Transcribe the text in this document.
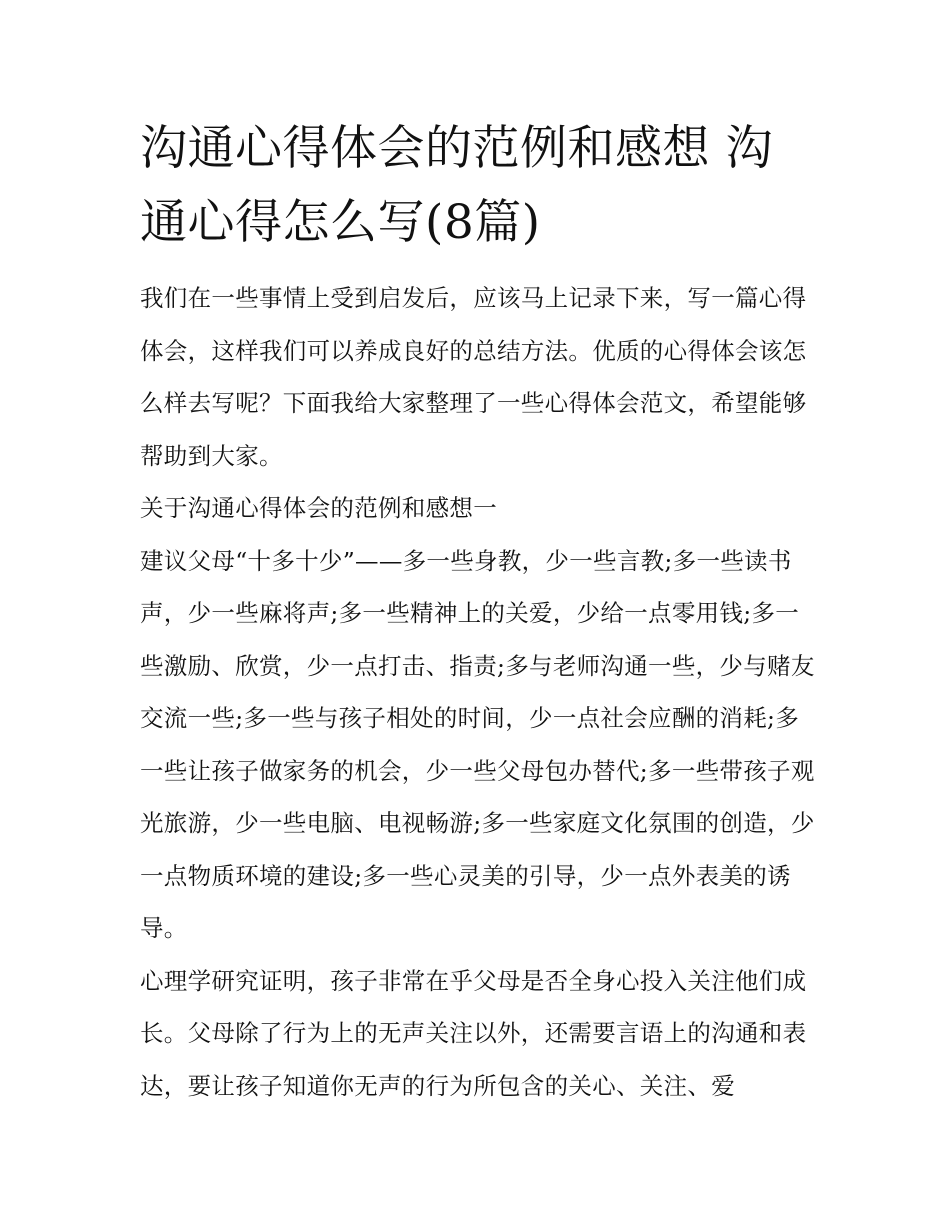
沟通心得体会的范例和感想 沟通心得怎么写(8篇)

我们在一些事情上受到启发后，应该马上记录下来，写一篇心得体会，这样我们可以养成良好的总结方法。优质的心得体会该怎么样去写呢？下面我给大家整理了一些心得体会范文，希望能够帮助到大家。

关于沟通心得体会的范例和感想一

建议父母“十多十少”——多一些身教，少一些言教;多一些读书声，少一些麻将声;多一些精神上的关爱，少给一点零用钱;多一些激励、欣赏，少一点打击、指责;多与老师沟通一些，少与赌友交流一些;多一些与孩子相处的时间，少一点社会应酬的消耗;多一些让孩子做家务的机会，少一些父母包办替代;多一些带孩子观光旅游，少一些电脑、电视畅游;多一些家庭文化氛围的创造，少一点物质环境的建设;多一些心灵美的引导，少一点外表美的诱导。

心理学研究证明，孩子非常在乎父母是否全身心投入关注他们成长。父母除了行为上的无声关注以外，还需要言语上的沟通和表达，要让孩子知道你无声的行为所包含的关心、关注、爱
